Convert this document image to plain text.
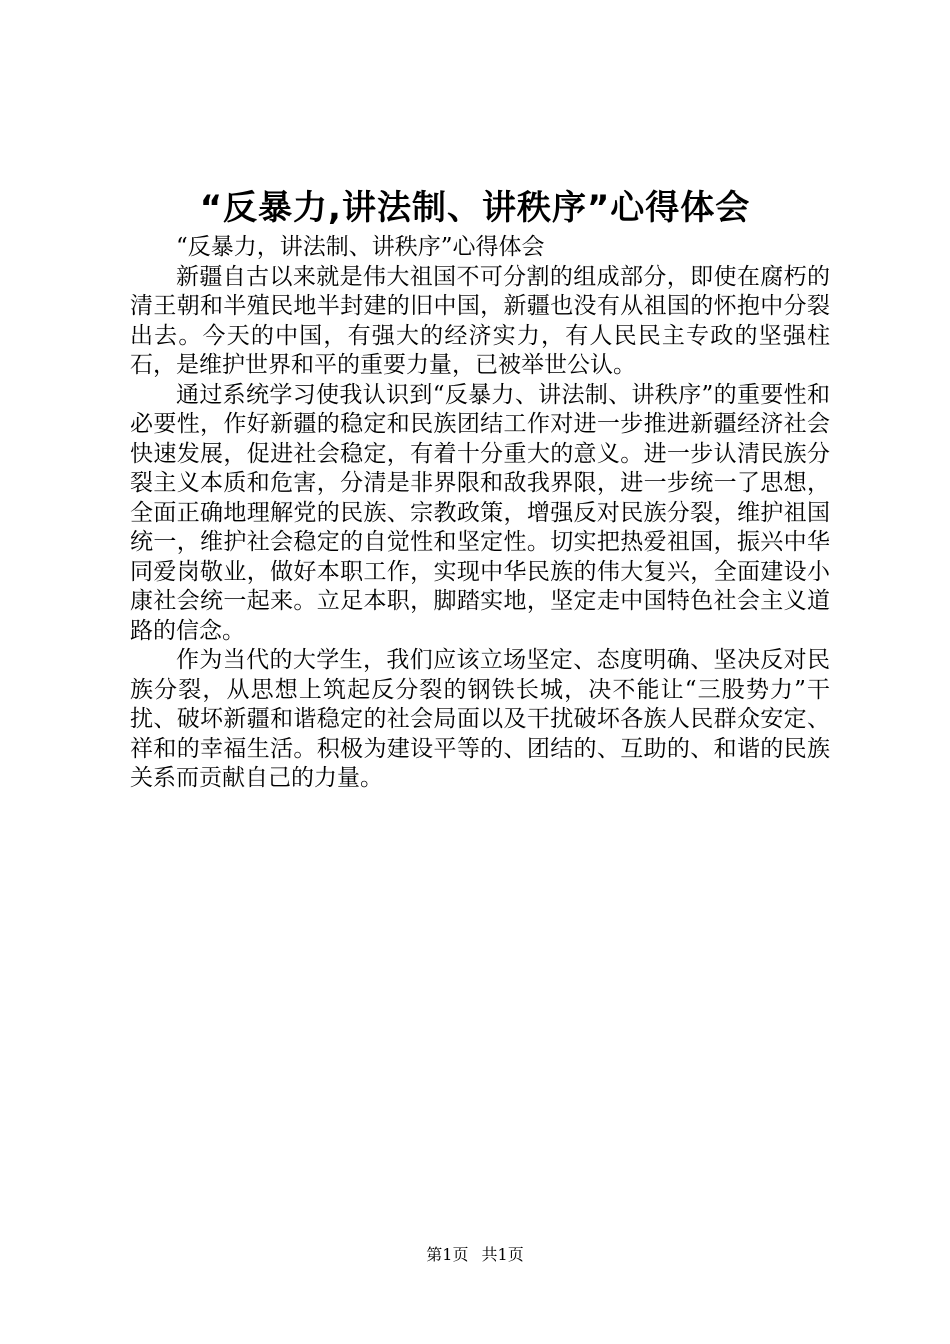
“反暴力,讲法制、讲秩序”心得体会
“反暴力，讲法制、讲秩序”心得体会

新疆自古以来就是伟大祖国不可分割的组成部分，即使在腐朽的清王朝和半殖民地半封建的旧中国，新疆也没有从祖国的怀抱中分裂出去。今天的中国，有强大的经济实力，有人民民主专政的坚强柱石，是维护世界和平的重要力量，已被举世公认。

通过系统学习使我认识到“反暴力、讲法制、讲秩序”的重要性和必要性，作好新疆的稳定和民族团结工作对进一步推进新疆经济社会快速发展，促进社会稳定，有着十分重大的意义。进一步认清民族分裂主义本质和危害，分清是非界限和敌我界限，进一步统一了思想，全面正确地理解党的民族、宗教政策，增强反对民族分裂，维护祖国统一，维护社会稳定的自觉性和坚定性。切实把热爱祖国，振兴中华同爱岗敬业，做好本职工作，实现中华民族的伟大复兴，全面建设小康社会统一起来。立足本职，脚踏实地，坚定走中国特色社会主义道路的信念。

作为当代的大学生，我们应该立场坚定、态度明确、坚决反对民族分裂，从思想上筑起反分裂的钢铁长城，决不能让“三股势力”干扰、破坏新疆和谐稳定的社会局面以及干扰破坏各族人民群众安定、祥和的幸福生活。积极为建设平等的、团结的、互助的、和谐的民族关系而贡献自己的力量。

第1页 共1页
